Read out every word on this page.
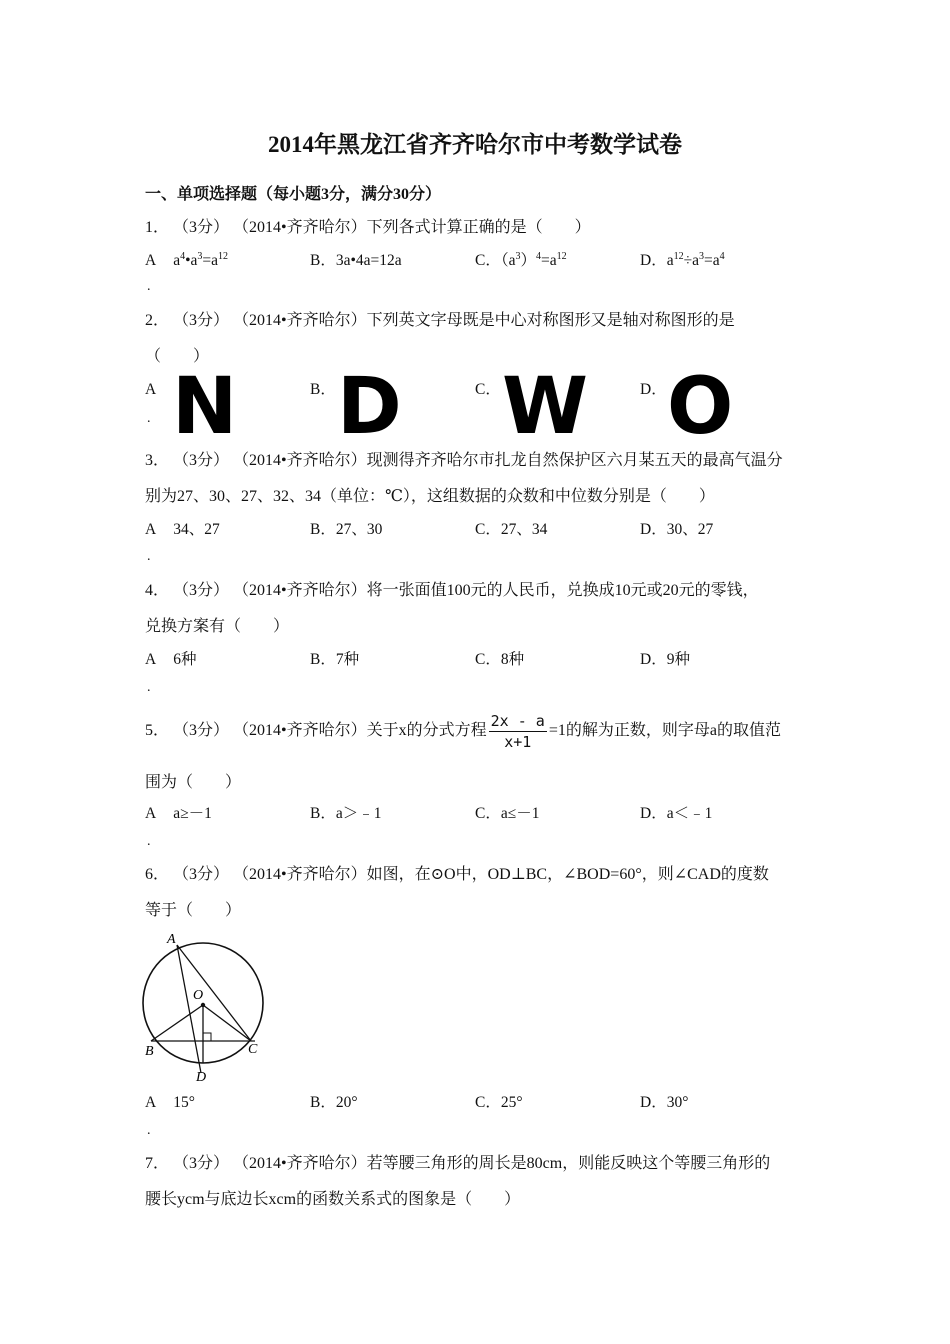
2014年黑龙江省齐齐哈尔市中考数学试卷
一、单项选择题（每小题3分，满分30分）
1． （3分） （2014•齐齐哈尔）下列各式计算正确的是（　　）
A $a^4•a^3=a^{12}$	B．3a•4a=12a	C．$(a^3)^4=a^{12}$	D．$a^{12}\div a^3=a^4$
.
2． （3分） （2014•齐齐哈尔）下列英文字母既是中心对称图形又是轴对称图形的是
（　　）
A N	B． D	C． W	D． O
.
3． （3分） （2014•齐齐哈尔）现测得齐齐哈尔市扎龙自然保护区六月某五天的最高气温分
别为27、30、27、32、34（单位：℃），这组数据的众数和中位数分别是（　　）
A 34、27	B．27、30	C．27、34	D．30、27
.
4． （3分） （2014•齐齐哈尔）将一张面值100元的人民币，兑换成10元或20元的零钱，
兑换方案有（　　）
A 6种	B．7种	C．8种	D．9种
.
5． （3分） （2014•齐齐哈尔）关于x的分式方程 $\frac{2x - a}{x+1} =1$的解为正数，则字母a的取值范
围为（　　）
A a≥－1	B．a＞﹣1	C．a≤－1	D．a＜﹣1
.
6． （3分） （2014•齐齐哈尔）如图，在⊙O中，OD⊥BC，∠BOD=60°，则∠CAD的度数
等于（　　）
A
O
B	C
D
A 15°	B．20°	C．25°	D．30°
.
7． （3分） （2014•齐齐哈尔）若等腰三角形的周长是80cm，则能反映这个等腰三角形的
腰长ycm与底边长xcm的函数关系式的图象是（　　）
